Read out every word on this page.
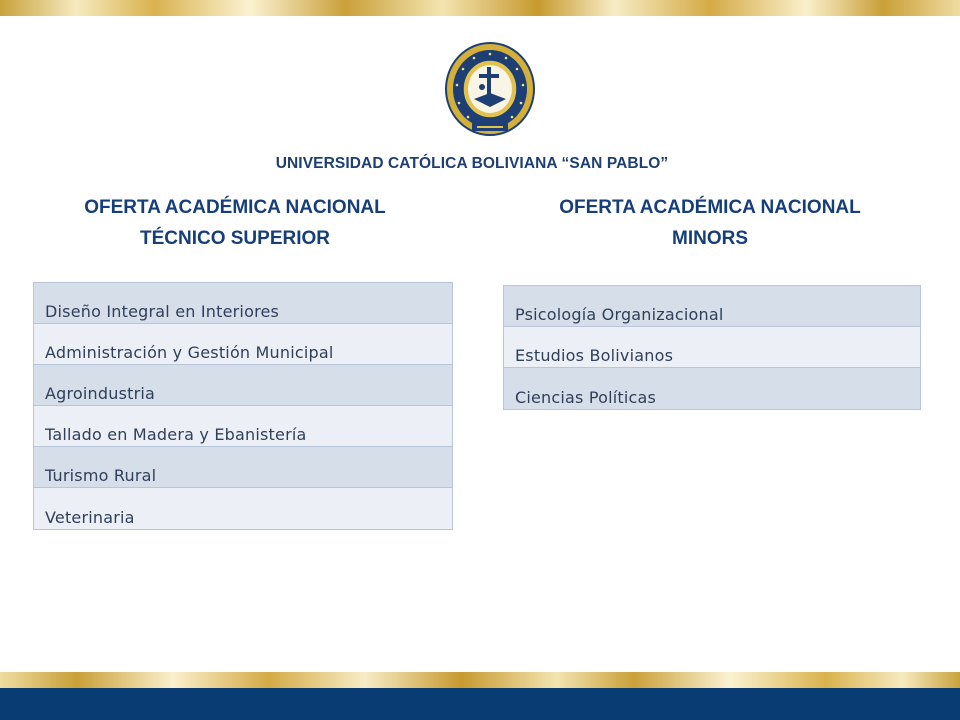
UNIVERSIDAD CATÓLICA BOLIVIANA “SAN PABLO”
OFERTA ACADÉMICA NACIONAL
TÉCNICO SUPERIOR
OFERTA ACADÉMICA NACIONAL
MINORS
Diseño Integral en Interiores
Administración y Gestión Municipal
Agroindustria
Tallado en Madera y Ebanistería
Turismo Rural
Veterinaria
Psicología Organizacional
Estudios Bolivianos
Ciencias Políticas
